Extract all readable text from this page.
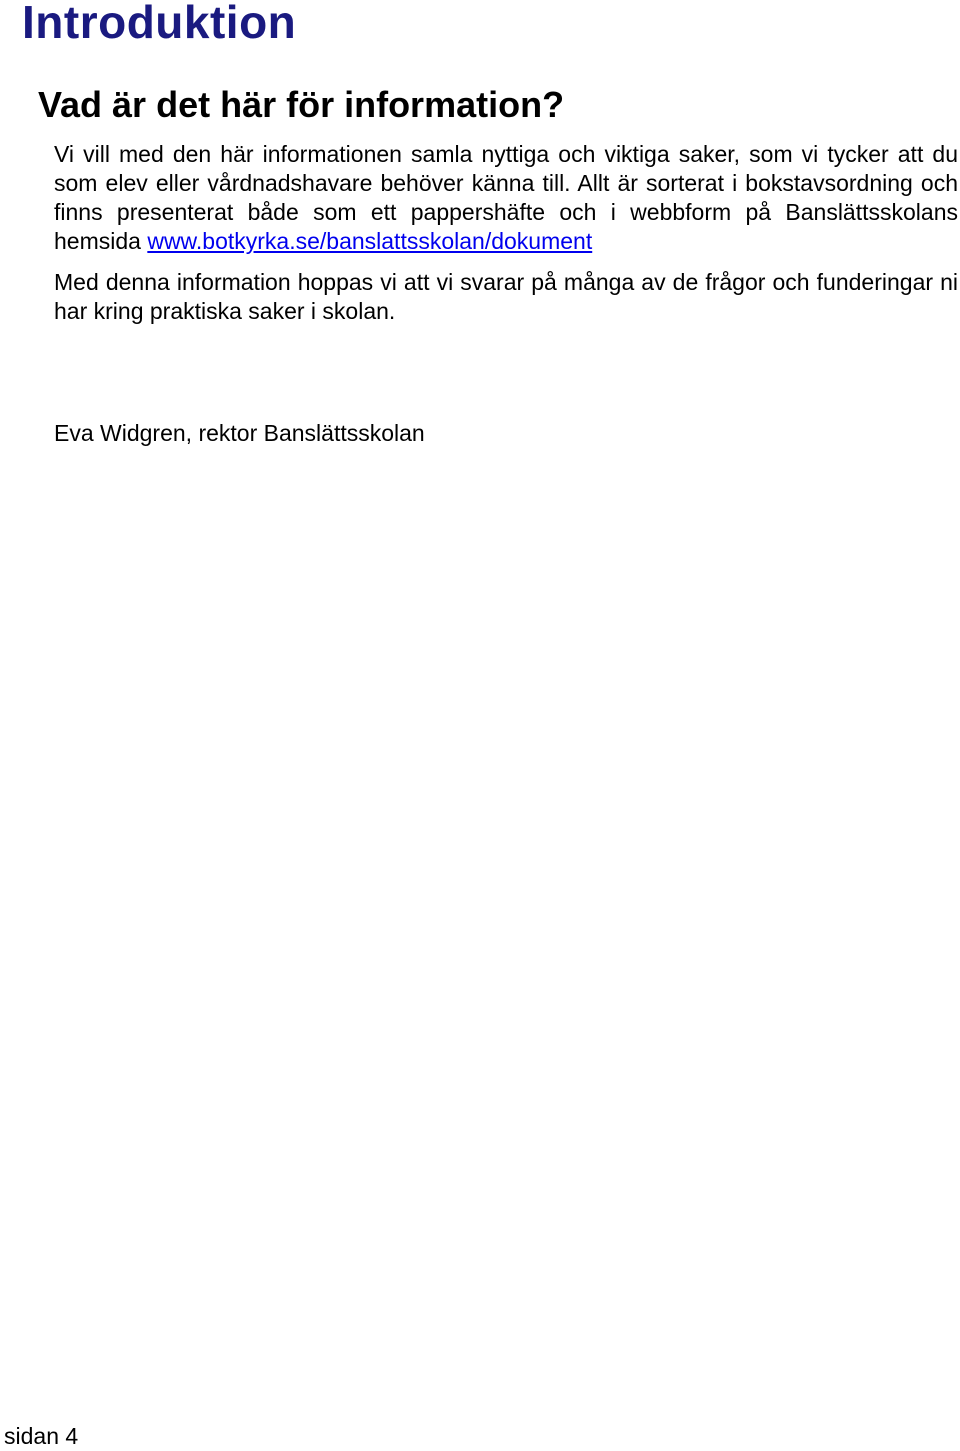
Introduktion
Vad är det här för information?

Vi vill med den här informationen samla nyttiga och viktiga saker, som vi tycker att du som elev eller vårdnadshavare behöver känna till. Allt är sorterat i bokstavsordning och finns presenterat både som ett pappershäfte och i webbform på Banslättsskolans hemsida www.botkyrka.se/banslattsskolan/dokument

Med denna information hoppas vi att vi svarar på många av de frågor och funderingar ni har kring praktiska saker i skolan.

Eva Widgren, rektor Banslättsskolan

sidan 4
